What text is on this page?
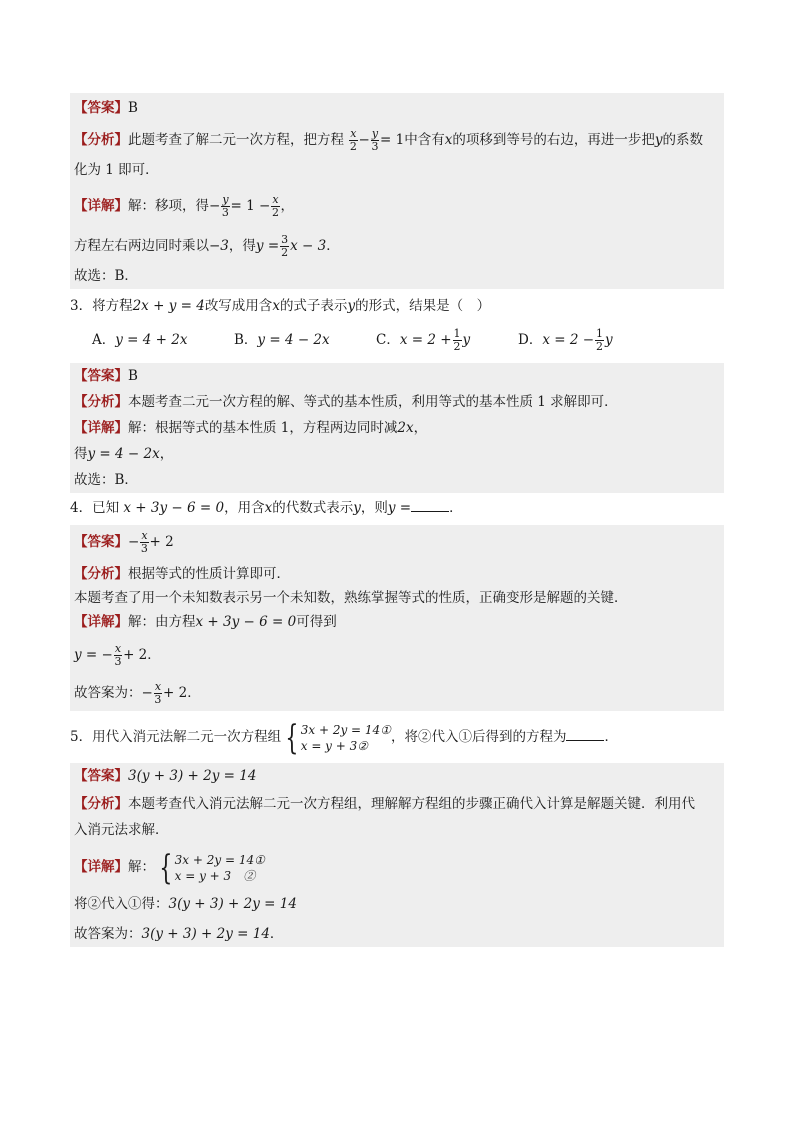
【答案】B
【分析】此题考查了解二元一次方程，把方程 $\frac{x}{2} - \frac{y}{3} = 1$中含有x的项移到等号的右边，再进一步把y的系数
化为 1 即可．
【详解】解：移项，得− $\frac{y}{3} = 1 - \frac{x}{2}$ ，
方程左右两边同时乘以−3，得$y = \frac{3}{2}$ x − 3．
故选：B．
3．将方程2x + y = 4改写成用含x的式子表示y的形式，结果是（　）
A．y = 4 + 2x	B．y = 4 − 2x	C．$x = 2 + \frac{1}{2}$ y	D．$x = 2 - \frac{1}{2}$ y
【答案】B
【分析】本题考查二元一次方程的解、等式的基本性质，利用等式的基本性质 1 求解即可．
【详解】解：根据等式的基本性质 1，方程两边同时减2x，
得y = 4 − 2x，
故选：B．
4．已知 x + 3y − 6 = 0，用含x的代数式表示y，则y =	．
【答案】− $\frac{x}{3} + 2$
【分析】根据等式的性质计算即可．
本题考查了用一个未知数表示另一个未知数，熟练掌握等式的性质，正确变形是解题的关键．
【详解】解：由方程x + 3y − 6 = 0可得到
y = − $\frac{x}{3} + 2$．
故答案为：− $\frac{x}{3} + 2$．
5．用代入消元法解二元一次方程组 { 3x + 2y = 14①
x = y + 3②
，将②代入①后得到的方程为	．
【答案】3(y + 3) + 2y = 14
【分析】本题考查代入消元法解二元一次方程组，理解解方程组的步骤正确代入计算是解题关键．利用代
入消元法求解．
【详解】解： { 3x + 2y = 14①
x = y + 3　②
将②代入①得：3(y + 3) + 2y = 14
故答案为：3(y + 3) + 2y = 14．
